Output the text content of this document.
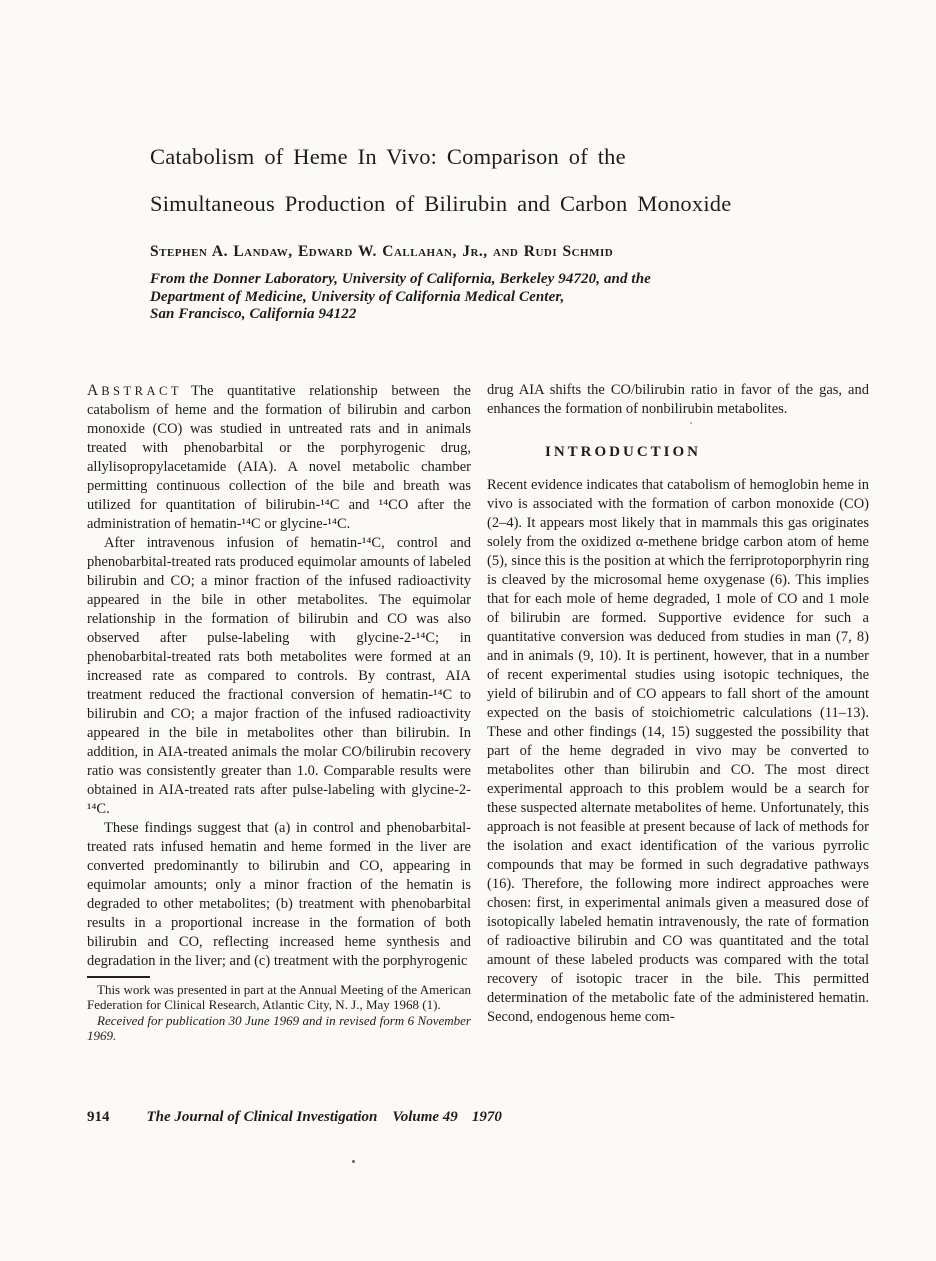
Catabolism of Heme In Vivo: Comparison of the
Simultaneous Production of Bilirubin and Carbon Monoxide
Stephen A. Landaw, Edward W. Callahan, Jr., and Rudi Schmid
From the Donner Laboratory, University of California, Berkeley 94720, and the
Department of Medicine, University of California Medical Center,
San Francisco, California 94122

ABSTRACT The quantitative relationship between the catabolism of heme and the formation of bilirubin and carbon monoxide (CO) was studied in untreated rats and in animals treated with phenobarbital or the porphyrogenic drug, allylisopropylacetamide (AIA). A novel metabolic chamber permitting continuous collection of the bile and breath was utilized for quantitation of bilirubin-¹⁴C and ¹⁴CO after the administration of hematin-¹⁴C or glycine-¹⁴C.

After intravenous infusion of hematin-¹⁴C, control and phenobarbital-treated rats produced equimolar amounts of labeled bilirubin and CO; a minor fraction of the infused radioactivity appeared in the bile in other metabolites. The equimolar relationship in the formation of bilirubin and CO was also observed after pulse-labeling with glycine-2-¹⁴C; in phenobarbital-treated rats both metabolites were formed at an increased rate as compared to controls. By contrast, AIA treatment reduced the fractional conversion of hematin-¹⁴C to bilirubin and CO; a major fraction of the infused radioactivity appeared in the bile in metabolites other than bilirubin. In addition, in AIA-treated animals the molar CO/bilirubin recovery ratio was consistently greater than 1.0. Comparable results were obtained in AIA-treated rats after pulse-labeling with glycine-2-¹⁴C.

These findings suggest that (a) in control and phenobarbital-treated rats infused hematin and heme formed in the liver are converted predominantly to bilirubin and CO, appearing in equimolar amounts; only a minor fraction of the hematin is degraded to other metabolites; (b) treatment with phenobarbital results in a proportional increase in the formation of both bilirubin and CO, reflecting increased heme synthesis and degradation in the liver; and (c) treatment with the porphyrogenic

This work was presented in part at the Annual Meeting of the American Federation for Clinical Research, Atlantic City, N. J., May 1968 (1).

Received for publication 30 June 1969 and in revised form 6 November 1969.

drug AIA shifts the CO/bilirubin ratio in favor of the gas, and enhances the formation of nonbilirubin metabolites.

INTRODUCTION

Recent evidence indicates that catabolism of hemoglobin heme in vivo is associated with the formation of carbon monoxide (CO) (2–4). It appears most likely that in mammals this gas originates solely from the oxidized α-methene bridge carbon atom of heme (5), since this is the position at which the ferriprotoporphyrin ring is cleaved by the microsomal heme oxygenase (6). This implies that for each mole of heme degraded, 1 mole of CO and 1 mole of bilirubin are formed. Supportive evidence for such a quantitative conversion was deduced from studies in man (7, 8) and in animals (9, 10). It is pertinent, however, that in a number of recent experimental studies using isotopic techniques, the yield of bilirubin and of CO appears to fall short of the amount expected on the basis of stoichiometric calculations (11–13). These and other findings (14, 15) suggested the possibility that part of the heme degraded in vivo may be converted to metabolites other than bilirubin and CO. The most direct experimental approach to this problem would be a search for these suspected alternate metabolites of heme. Unfortunately, this approach is not feasible at present because of lack of methods for the isolation and exact identification of the various pyrrolic compounds that may be formed in such degradative pathways (16). Therefore, the following more indirect approaches were chosen: first, in experimental animals given a measured dose of isotopically labeled hematin intravenously, the rate of formation of radioactive bilirubin and CO was quantitated and the total amount of these labeled products was compared with the total recovery of isotopic tracer in the bile. This permitted determination of the metabolic fate of the administered hematin. Second, endogenous heme com-

914 The Journal of Clinical Investigation Volume 49 1970
